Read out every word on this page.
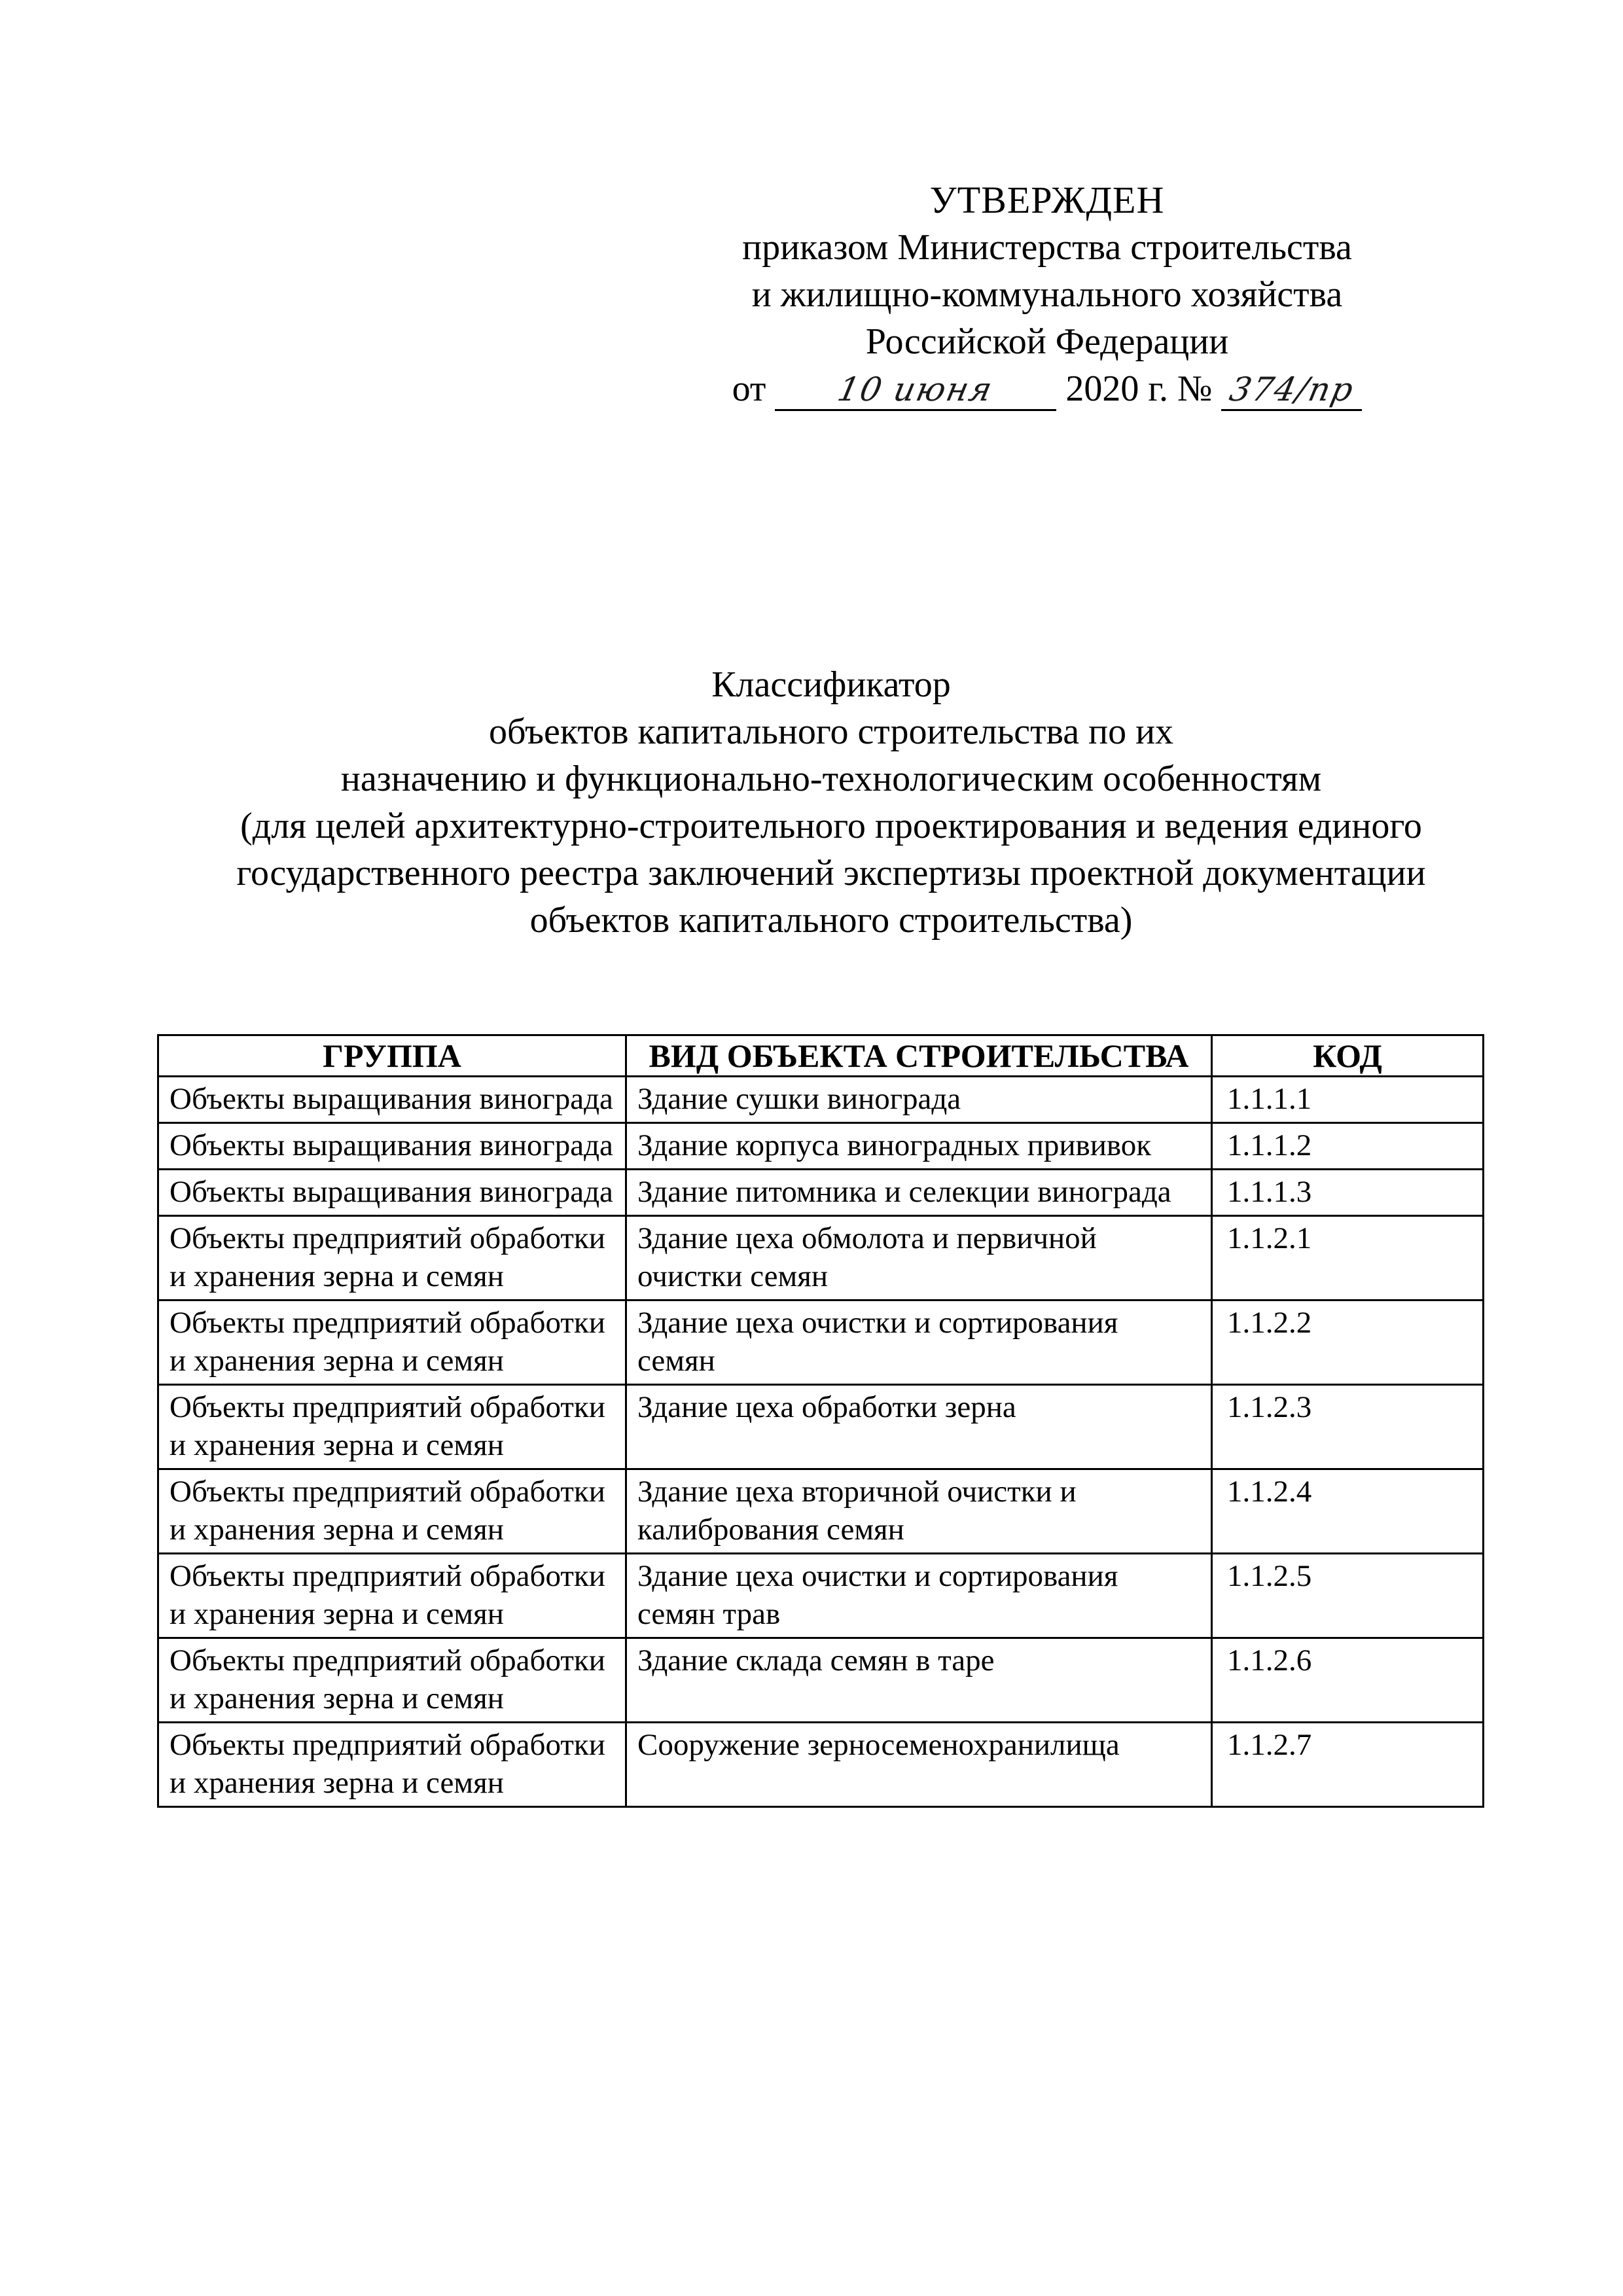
УТВЕРЖДЕН
приказом Министерства строительства
и жилищно-коммунального хозяйства
Российской Федерации
от 10 июня 2020 г. № 374/пр
Классификатор
объектов капитального строительства по их
назначению и функционально-технологическим особенностям
(для целей архитектурно-строительного проектирования и ведения единого
государственного реестра заключений экспертизы проектной документации
объектов капитального строительства)
ГРУППА	ВИД ОБЪЕКТА СТРОИТЕЛЬСТВА	КОД
Объекты выращивания винограда	Здание сушки винограда	1.1.1.1
Объекты выращивания винограда	Здание корпуса виноградных прививок	1.1.1.2
Объекты выращивания винограда	Здание питомника и селекции винограда	1.1.1.3
Объекты предприятий обработки и хранения зерна и семян	Здание цеха обмолота и первичной очистки семян	1.1.2.1
Объекты предприятий обработки и хранения зерна и семян	Здание цеха очистки и сортирования семян	1.1.2.2
Объекты предприятий обработки и хранения зерна и семян	Здание цеха обработки зерна	1.1.2.3
Объекты предприятий обработки и хранения зерна и семян	Здание цеха вторичной очистки и калибрования семян	1.1.2.4
Объекты предприятий обработки и хранения зерна и семян	Здание цеха очистки и сортирования семян трав	1.1.2.5
Объекты предприятий обработки и хранения зерна и семян	Здание склада семян в таре	1.1.2.6
Объекты предприятий обработки и хранения зерна и семян	Сооружение зерносеменохранилища	1.1.2.7
